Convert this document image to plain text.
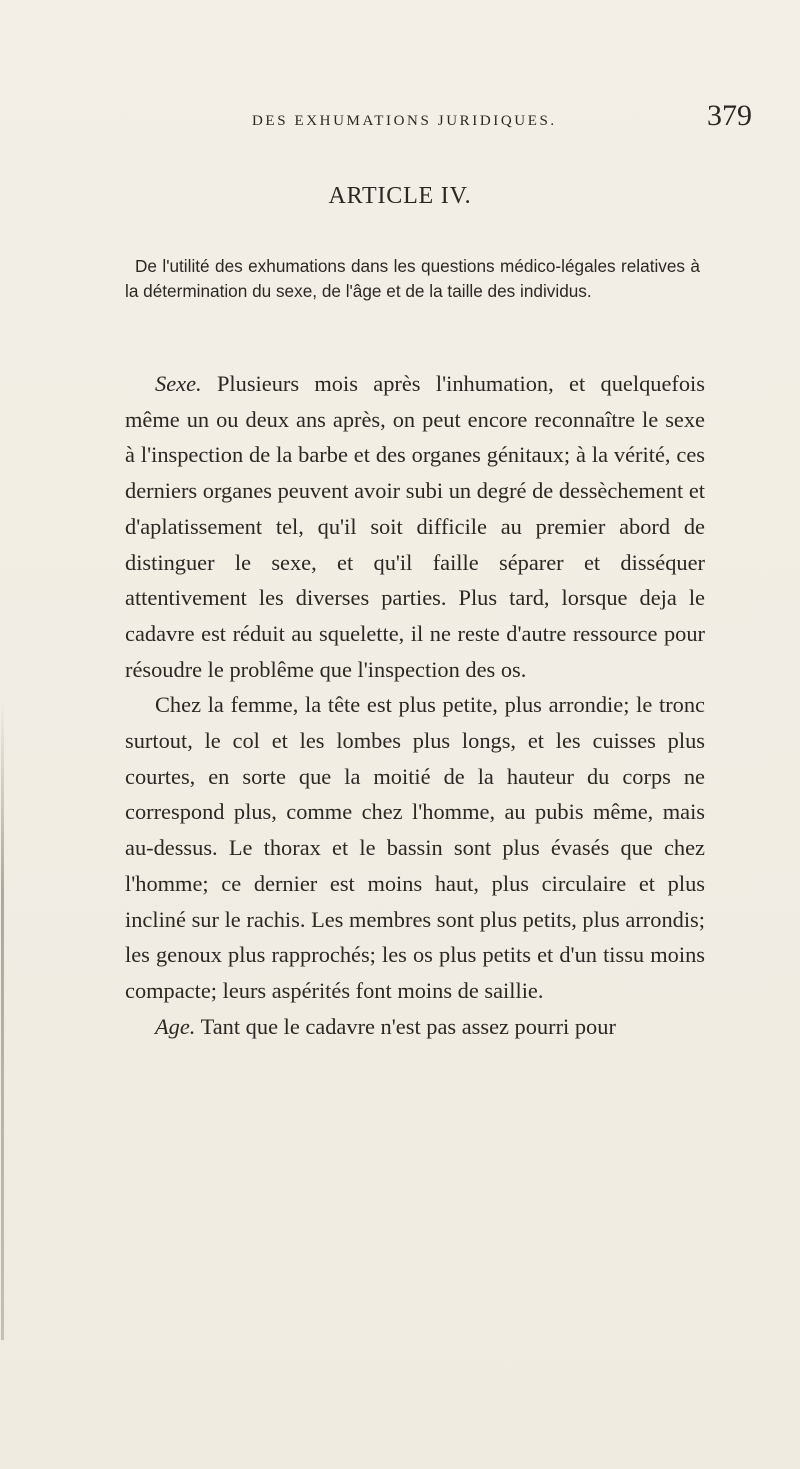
DES EXHUMATIONS JURIDIQUES.	379
ARTICLE IV.
De l'utilité des exhumations dans les questions médico-légales relatives à la détermination du sexe, de l'âge et de la taille des individus.

Sexe. Plusieurs mois après l'inhumation, et quelquefois même un ou deux ans après, on peut encore reconnaître le sexe à l'inspection de la barbe et des organes génitaux; à la vérité, ces derniers organes peuvent avoir subi un degré de dessèchement et d'aplatissement tel, qu'il soit difficile au premier abord de distinguer le sexe, et qu'il faille séparer et disséquer attentivement les diverses parties. Plus tard, lorsque deja le cadavre est réduit au squelette, il ne reste d'autre ressource pour résoudre le problême que l'inspection des os.

Chez la femme, la tête est plus petite, plus arrondie; le tronc surtout, le col et les lombes plus longs, et les cuisses plus courtes, en sorte que la moitié de la hauteur du corps ne correspond plus, comme chez l'homme, au pubis même, mais au-dessus. Le thorax et le bassin sont plus évasés que chez l'homme; ce dernier est moins haut, plus circulaire et plus incliné sur le rachis. Les membres sont plus petits, plus arrondis; les genoux plus rapprochés; les os plus petits et d'un tissu moins compacte; leurs aspérités font moins de saillie.

Age. Tant que le cadavre n'est pas assez pourri pour
